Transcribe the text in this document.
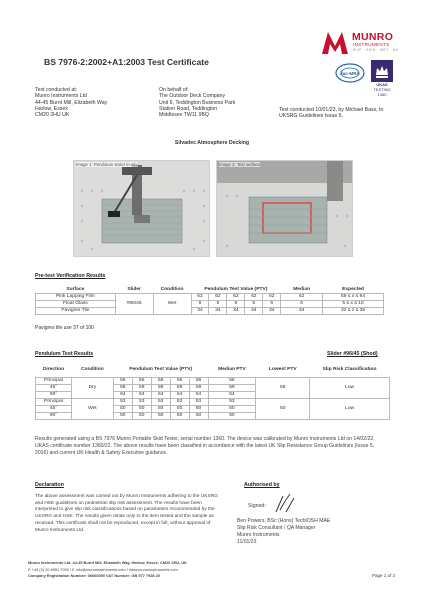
MUNRO
INSTRUMENTS
SLIP · SKID · WET · UK
ilac-MRA
UKAS
TESTING
1360
BS 7976-2:2002+A1:2003 Test Certificate
Test conducted at:
Munro Instruments Ltd
44-45 Burnt Mill, Elizabeth Way
Harlow, Essex
CM20 2HU UK
On behalf of:
The Outdoor Deck Company
Unit 6, Teddington Business Park
Station Road, Teddington
Middlesex TW11 9BQ
Test conducted 10/01/23, by Michael Bass, to UKSRG Guidelines Issue 5.
Silvadec Atmosphere Decking
Image 1: Pendulum tester in-situ	Image 2: Test surface
Pre-test Verification Results
Surface	Slider	Condition	Pendulum Test Value (PTV)					Median	Expected
Pink Lapping Film	#96/45	Wet	62	62	62	62	62	62	59 ≤ x ≤ 64
Float Glass			6	6	6	6	6	6	5 ≤ x ≤ 10
Pavigres Tile			34	34	34	34	34	34	32 ≤ z ≤ 36
Pavigres tile use 37 of 100
Pendulum Test Results	Slider #96/45 (Shod)
Direction	Condition	Pendulum Test Value (PTV)					Median PTV	Lowest PTV	Slip Risk Classification
Principal	Dry	56	56	56	56	56	56	56	Low
45˚		58	59	59	59	59	59		
90˚		64	64	64	64	64	64		
Principal	Wet	53	53	53	53	53	53	50	Low
45˚		50	50	50	50	50	50		
90˚		50	50	50	50	50	50		
Results generated using a BS 7976 Munro Portable Skid Tester, serial number 1360. The device was calibrated by Munro Instruments Ltd on 14/02/22, UKAS certificate number 1360/22. The above results have been classified in accordance with the latest UK Slip Resistance Group Guidelines (Issue 5, 2016) and current UK Health & Safety Executive guidance.
Declaration	Authorised by
The above assessment was carried out by Munro Instruments adhering to the UKSRG and HSE guidelines on pedestrian slip risk assessment. The results have been interpreted to give slip risk classifications based on parameters recommended by the UKSRG and HSE. The results given relate only to the item tested and the sample as received. This certificate shall not be reproduced, except in full, without approval of Munro Instruments Ltd.
Signed:
Ben Powers, BSc (Hons) TechIOSH MAE
Slip Risk Consultant / QA Manager
Munro Instruments
11/01/23
Munro Instruments Ltd. 44-45 Burnt Mill, Elizabeth Way, Harlow, Essex, CM20 2HU, UK
P +44 (0) 20 8551 7000 / E info@munroinstruments.com / www.munroinstruments.com
Company Registration Number: 06666050 VAT Number: GB 977 7928 20	Page 1 of 2
